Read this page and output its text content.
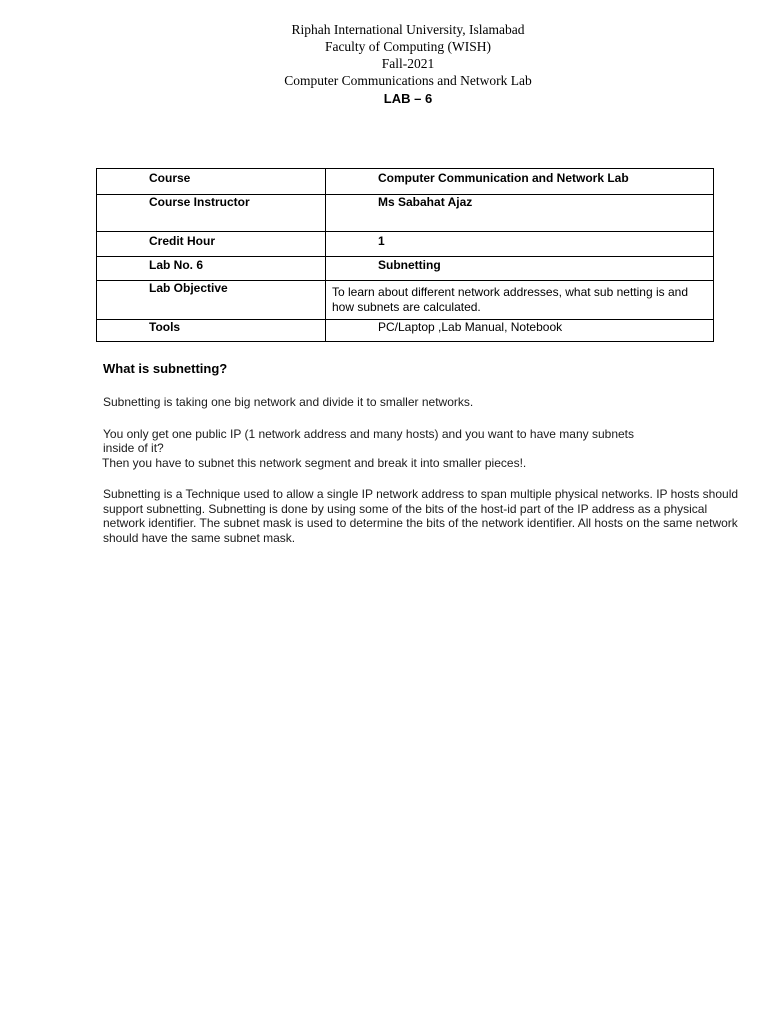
Riphah International University, Islamabad
Faculty of Computing (WISH)
Fall-2021
Computer Communications and Network Lab
LAB – 6
Course	Computer Communication and Network Lab
Course Instructor	Ms Sabahat Ajaz
Credit Hour	1
Lab No. 6	Subnetting
Lab Objective	To learn about different network addresses, what sub netting is and how subnets are calculated.
Tools	PC/Laptop ,Lab Manual, Notebook
What is subnetting?

Subnetting is taking one big network and divide it to smaller networks.

You only get one public IP (1 network address and many hosts) and you want to have many subnets inside of it?

Then you have to subnet this network segment and break it into smaller pieces!.

Subnetting is a Technique used to allow a single IP network address to span multiple physical networks. IP hosts should support subnetting. Subnetting is done by using some of the bits of the host-id part of the IP address as a physical network identifier. The subnet mask is used to determine the bits of the network identifier. All hosts on the same network should have the same subnet mask.
